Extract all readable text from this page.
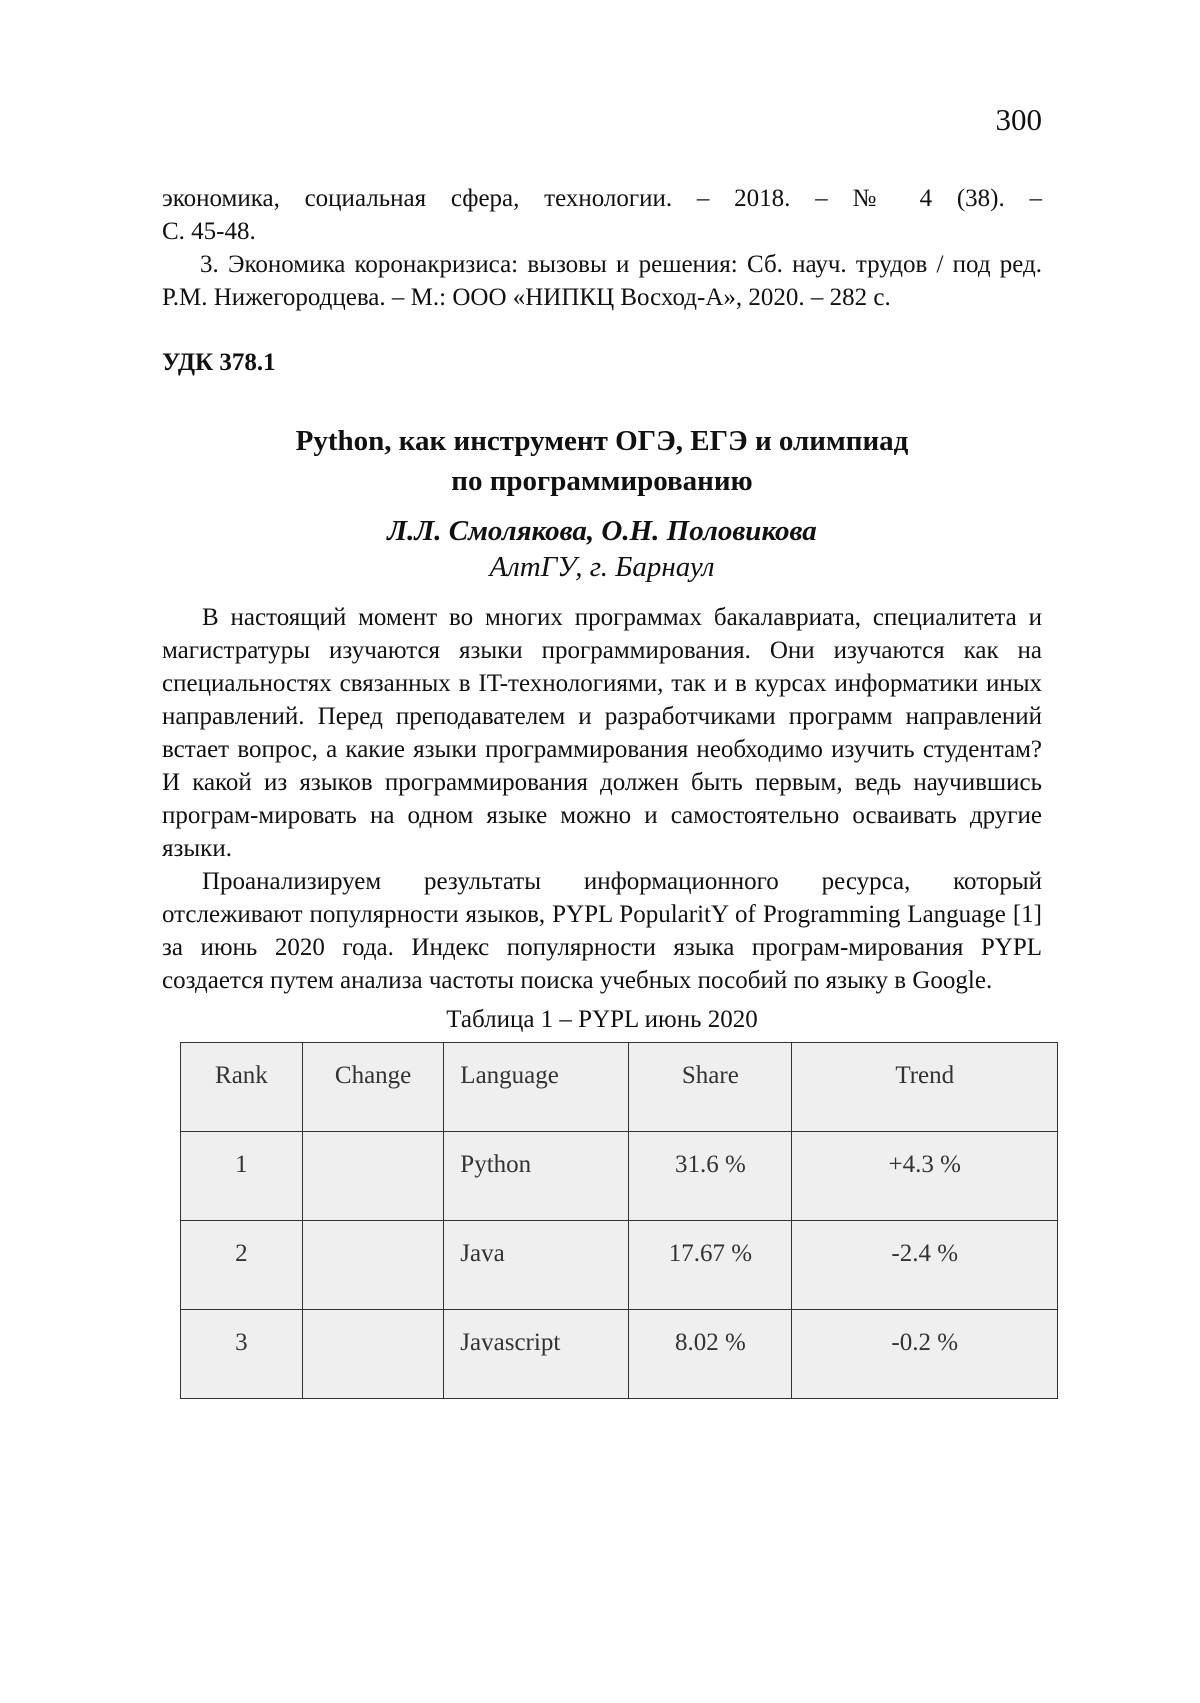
300

экономика, социальная сфера, технологии. – 2018. – № 4 (38). –
С. 45-48.

3. Экономика коронакризиса: вызовы и решения: Сб. науч. трудов / под ред. Р.М. Нижегородцева. – М.: ООО «НИПКЦ Восход-А», 2020. – 282 с.

УДК 378.1
Python, как инструмент ОГЭ, ЕГЭ и олимпиад
по программированию
Л.Л. Смолякова, О.Н. Половикова
АлтГУ, г. Барнаул

В настоящий момент во многих программах бакалавриата, специалитета и магистратуры изучаются языки программирования. Они изучаются как на специальностях связанных в IT-технологиями, так и в курсах информатики иных направлений. Перед преподавателем и разработчиками программ направлений встает вопрос, а какие языки программирования необходимо изучить студентам? И какой из языков программирования должен быть первым, ведь научившись програм-мировать на одном языке можно и самостоятельно осваивать другие языки.

Проанализируем результаты информационного ресурса, который отслеживают популярности языков, PYPL PopularitY of Programming Language [1] за июнь 2020 года. Индекс популярности языка програм-мирования PYPL создается путем анализа частоты поиска учебных пособий по языку в Google.

Таблица 1 – PYPL июнь 2020
Rank	Change	Language	Share	Trend

1		Python	31.6 %	+4.3 %

2		Java	17.67 %	-2.4 %

3		Javascript	8.02 %	-0.2 %
